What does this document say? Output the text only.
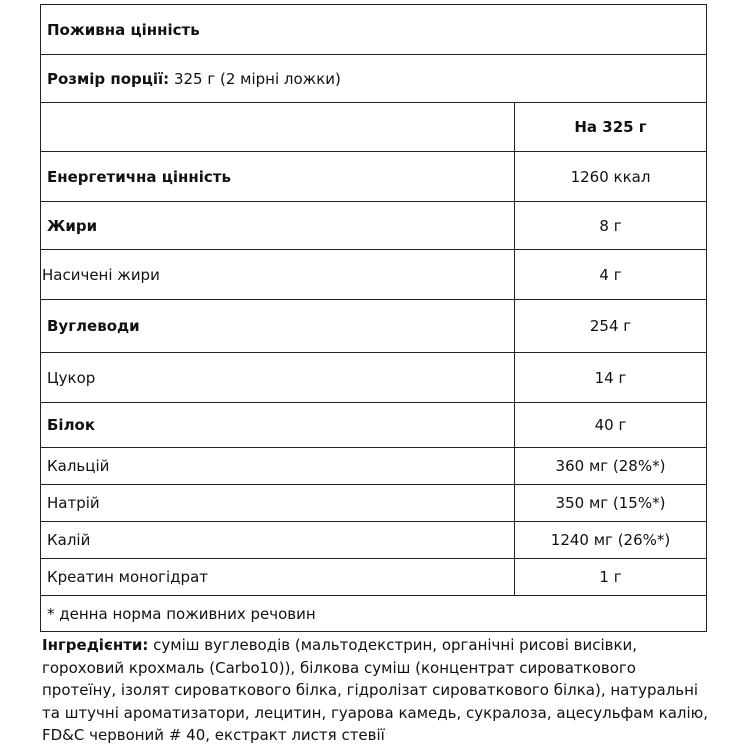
Поживна цінність	
Розмір порції: 325 г (2 мірні ложки)	
	На 325 г
Енергетична цінність	1260 ккал
Жири	8 г
Насичені жири	4 г
Вуглеводи	254 г
Цукор	14 г
Білок	40 г
Кальцій	360 мг (28%*)
Натрій	350 мг (15%*)
Калій	1240 мг (26%*)
Креатин моногідрат	1 г
* денна норма поживних речовин	
Інгредієнти: суміш вуглеводів (мальтодекстрин, органічні рисові висівки, гороховий крохмаль (Carbo10)), білкова суміш (концентрат сироваткового протеїну, ізолят сироваткового білка, гідролізат сироваткового білка), натуральні та штучні ароматизатори, лецитин, гуарова камедь, сукралоза, ацесульфам калію, FD&C червоний # 40, екстракт листя стевії
